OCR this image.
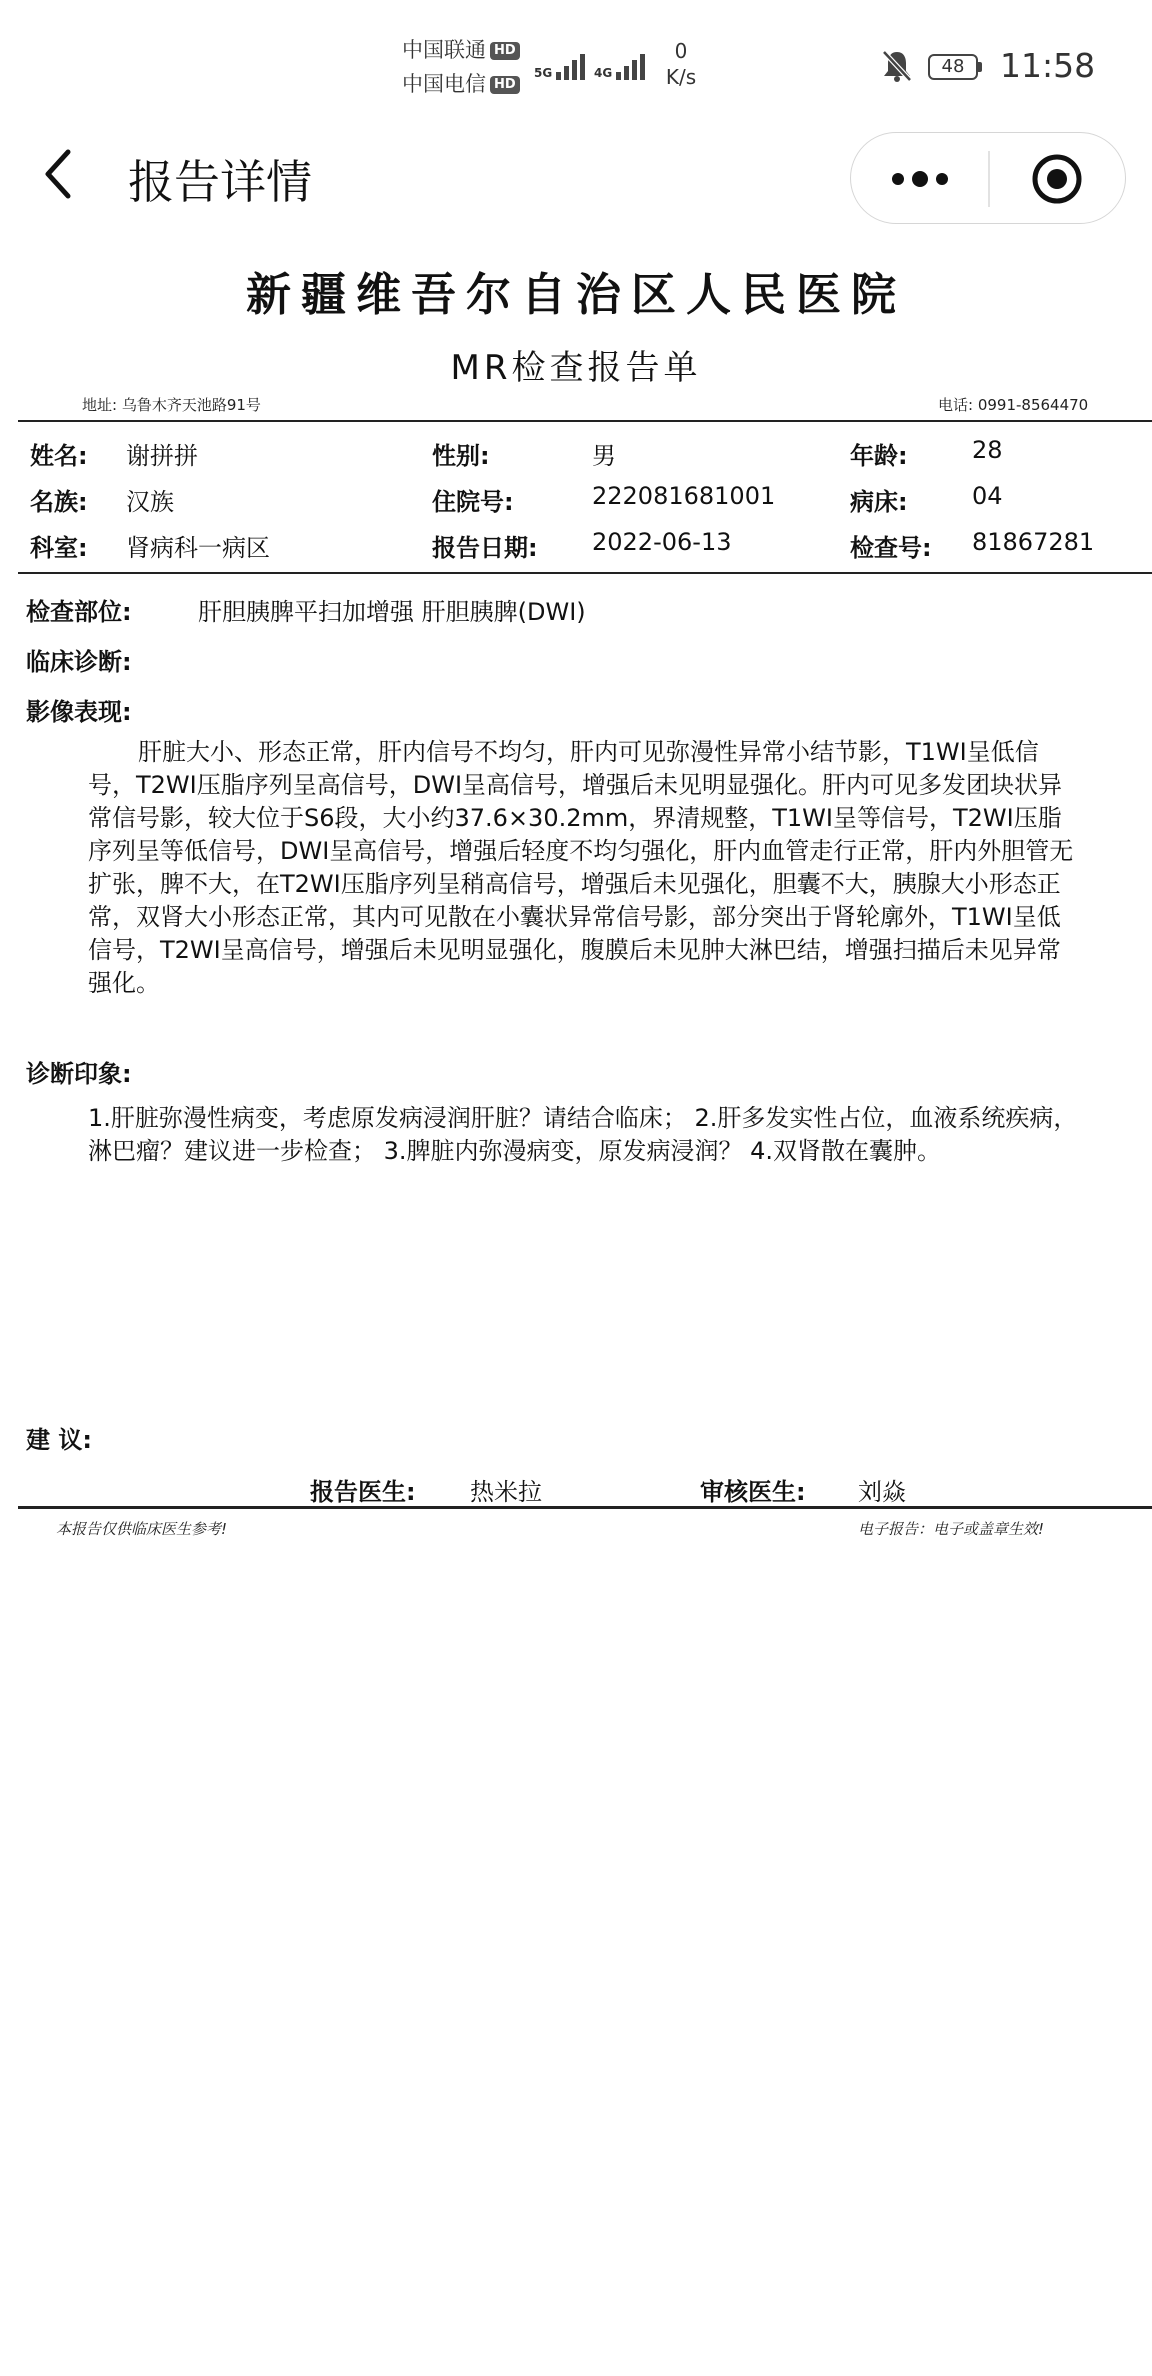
中国联通 HD
中国电信 HD
5G	4G
0
K/s	48	11:58
报告详情
新疆维吾尔自治区人民医院
MR检查报告单
地址: 乌鲁木齐天池路91号	电话: 0991-8564470
姓名: 谢拼拼	性别:	男	年龄:	28
名族: 汉族	住院号:	222081681001	病床:	04
科室: 肾病科一病区	报告日期: 2022-06-13	检查号: 81867281
检查部位:	肝胆胰脾平扫加增强 肝胆胰脾(DWI)
临床诊断:
影像表现:
肝脏大小、形态正常，肝内信号不均匀，肝内可见弥漫性异常小结节影，T1WI呈低信号，T2WI压脂序列呈高信号，DWI呈高信号，增强后未见明显强化。肝内可见多发团块状异常信号影，较大位于S6段，大小约37.6×30.2mm，界清规整，T1WI呈等信号，T2WI压脂序列呈等低信号，DWI呈高信号，增强后轻度不均匀强化，肝内血管走行正常，肝内外胆管无扩张，脾不大，在T2WI压脂序列呈稍高信号，增强后未见强化，胆囊不大，胰腺大小形态正常，双肾大小形态正常，其内可见散在小囊状异常信号影，部分突出于肾轮廓外，T1WI呈低信号，T2WI呈高信号，增强后未见明显强化，腹膜后未见肿大淋巴结，增强扫描后未见异常强化。
诊断印象:
1.肝脏弥漫性病变，考虑原发病浸润肝脏？请结合临床； 2.肝多发实性占位，血液系统疾病，淋巴瘤？建议进一步检查； 3.脾脏内弥漫病变，原发病浸润？ 4.双肾散在囊肿。
建 议:
报告医生: 热米拉	审核医生: 刘焱
本报告仅供临床医生参考!	电子报告：电子或盖章生效!
